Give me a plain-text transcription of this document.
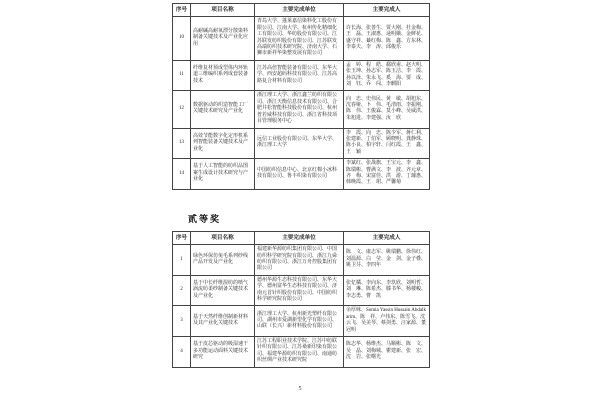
序号	项目名称	主要完成单位	主要完成人
10	高耐碱高耐氧漂分散染料制备关键技术及产业化应用	青岛大学、蓬莱嘉信染料化工股份有限公司、江南大学、杭州传化精细化工有限公司、华纺股份有限公司、江苏联发纺织股份有限公司、江苏联发高端纺织技术研究院、济南大学、石狮市新祥华染整发展有限公司	许长海、张善生、贾大刚、杜金梅、王　磊、王淑惠、逯明娥、金鲜花、盛守祥、綦红梅、陈　鑫、方东林、李泰夫、李　涛、邱俊乐
11	纤维复材预成型体内环轨道三维编织系列成套装备技术	江苏高倍智能装备有限公司、东华大学、西安超码科技有限公司、江苏高路复合材料有限公司	孟　婷、程　皓、郗欣甫、赵大明、张玉坤、孙志军、陈玉洁、李　霞、孙以泽、朱永飞、奚　海、要　成、刘　钰、乔　闯、李麒阳
12	数据驱动的织造智能工厂关键技术研究及产业化	浙江理工大学、浙江鑫兰纺织有限公司、浙江天衡信息技术有限公司、合肥井松智能科技股份有限公司、杭州普若威科技有限公司、浙江省科技项目管理服务中心	向　忠、史伟民、黄　敏、胡旭东、沈春娅、卜　伟、毛清雨、李振刚、陈　伟、王俊霖、莫小峰、吴威洪、朱旭进、李建强、汝　欣
13	高效节能数字化定形机系列智能装备关键技术及产业化	远信工业股份有限公司、东华大学、浙江理工大学	李　霞、向　忠、陈少军、蒋仁利、张建新、丁伯军、顾晓明、龚静珠、陈小良、柏宇轩、闫红霞、王　鑫、王　颖
14	基于人工智能的纺织品图案生成设计技术研究与产业化	中国纺织信息中心、北京红棉小冰科技有限公司、鲁丰织染有限公司	李斌红、张战旗、王宝元、李　鑫、陈瑞彬、曹满文、李　波、齐元章、齐　梅、宋富佳、洪　游、丁璩惠、韩晚霞、王　珺、严馨菊
贰等奖
序号	项目名称	主要完成单位	主要完成人
1	绿色环保仿兔毛系列纱线产品开发及产业化	福建新华源纺织集团有限公司、中国纺织科学研究院有限公司、浙江九舜纺织有限公司、浙江万舟控股集团有限公司	陈　文、康志军、姚瑞鹏、徐伟红、刘温源、白　莹、金　剑、金子叠、姚卫芬、李四年
2	基于中长纤维混纺的喷气涡流纺柔纱制备关键技术及产业化	德州华源生态科技有限公司、东华大学、德州富华生态科技有限公司、济南元首针织股份有限公司、中国纺织科学研究院有限公司	张忆橘、李向东、李玖欣、刘明哲、刘　琳、陈希杰、滕书华、杨楼峻、李志勇、曹　凯
3	基于天然纤维创制新材料及其产业化关键技术	浙江理工大学、杭州新光塑纤有限公司、湖州市爱湖新望化学有限公司、山联（长兴）新材料股份有限公司	余厚咏、Somia Yassin Hussain Abdalkarim、陈　祥、卢伟东、陈雪飞、沈云飞、吴美琴、蔡剑勇、汪家源、董冠明
4	基于皮芯驱动的吸湿速干多功能运动面料关键技术研究	江苏工程职业技术学院、江苏中纺联针织有限公司、江苏桑新印染有限公司、福建华源纺织有限公司、南通纺织丝绸产业技术研究院	陈志华、杨维杰、马顺彬、陈　文、吴　晶、刘梅城、瞿建新、张　宏、沈　岩、张曙光
5
